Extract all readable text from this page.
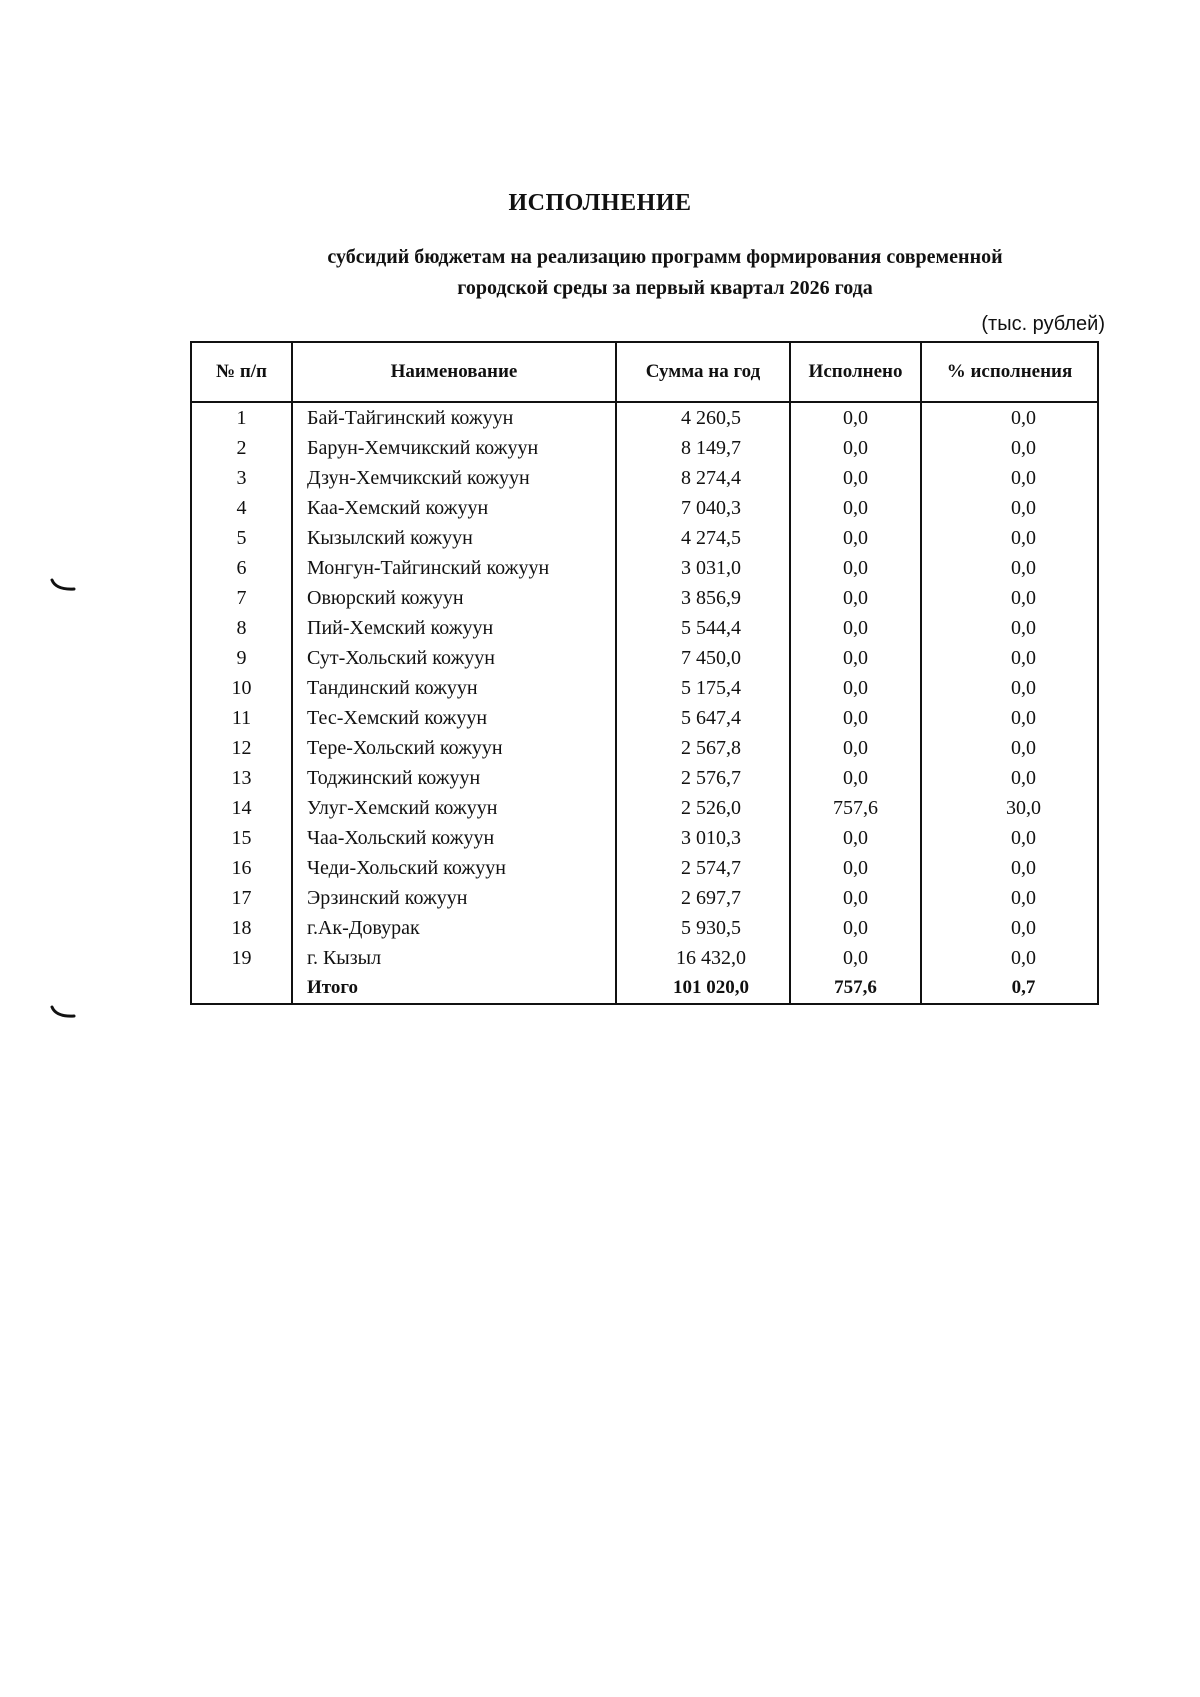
ИСПОЛНЕНИЕ
субсидий бюджетам на реализацию программ формирования современной
городской среды за первый квартал 2026 года
(тыс. рублей)
№ п/п	Наименование	Сумма на год	Исполнено	% исполнения
1	Бай-Тайгинский кожуун	4 260,5	0,0	0,0
2	Барун-Хемчикский кожуун	8 149,7	0,0	0,0
3	Дзун-Хемчикский кожуун	8 274,4	0,0	0,0
4	Каа-Хемский кожуун	7 040,3	0,0	0,0
5	Кызылский кожуун	4 274,5	0,0	0,0
6	Монгун-Тайгинский кожуун	3 031,0	0,0	0,0
7	Овюрский кожуун	3 856,9	0,0	0,0
8	Пий-Хемский кожуун	5 544,4	0,0	0,0
9	Сут-Хольский кожуун	7 450,0	0,0	0,0
10	Тандинский кожуун	5 175,4	0,0	0,0
11	Тес-Хемский кожуун	5 647,4	0,0	0,0
12	Тере-Хольский кожуун	2 567,8	0,0	0,0
13	Тоджинский кожуун	2 576,7	0,0	0,0
14	Улуг-Хемский кожуун	2 526,0	757,6	30,0
15	Чаа-Хольский кожуун	3 010,3	0,0	0,0
16	Чеди-Хольский кожуун	2 574,7	0,0	0,0
17	Эрзинский кожуун	2 697,7	0,0	0,0
18	г.Ак-Довурак	5 930,5	0,0	0,0
19	г. Кызыл	16 432,0	0,0	0,0
	Итого	101 020,0	757,6	0,7
